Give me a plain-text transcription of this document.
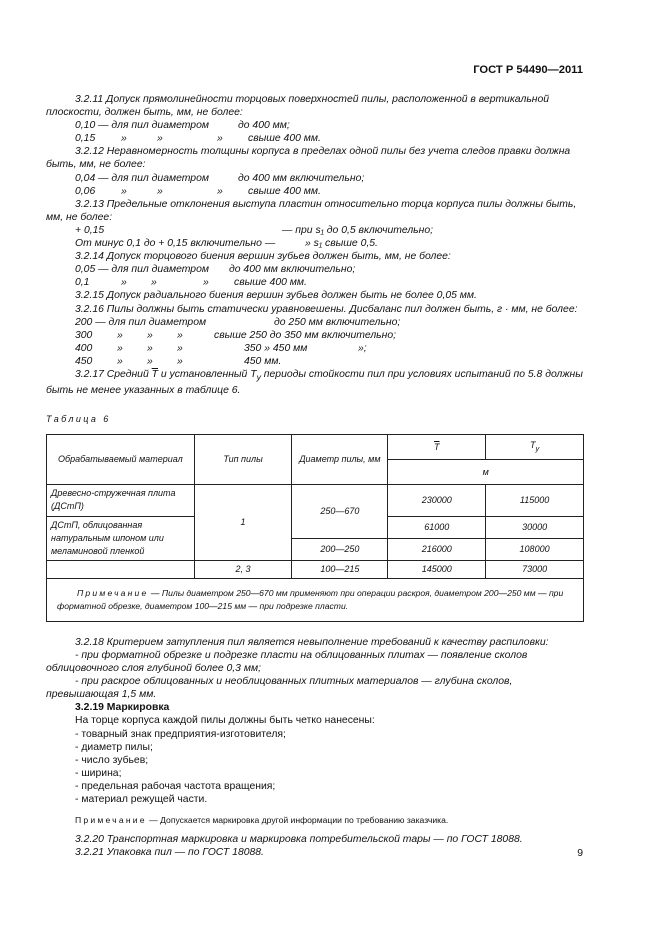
ГОСТ Р 54490—2011

3.2.11 Допуск прямолинейности торцовых поверхностей пилы, расположенной в вертикальной плоскости, должен быть, мм, не более:

0,10 — для пил диаметром	до 400 мм;
0,15	»	»	»	свыше 400 мм.

3.2.12 Неравномерность толщины корпуса в пределах одной пилы без учета следов правки должна быть, мм, не более:

0,04 — для пил диаметром	до 400 мм включительно;
0,06	»	»	»	свыше 400 мм.

3.2.13 Предельные отклонения выступа пластин относительно торца корпуса пилы должны быть, мм, не более:

+ 0,15	— при s₁ до 0,5 включительно;
От минус 0,1 до + 0,15 включительно —	» s₁ свыше 0,5.

3.2.14 Допуск торцового биения вершин зубьев должен быть, мм, не более:

0,05 — для пил диаметром	до 400 мм включительно;
0,1	»	»	»	свыше 400 мм.

3.2.15 Допуск радиального биения вершин зубьев должен быть не более 0,05 мм.

3.2.16 Пилы должны быть статически уравновешены. Дисбаланс пил должен быть, г · мм, не более:

200 — для пил диаметром	до 250 мм включительно;
300	»	»	»	свыше 250 до 350 мм включительно;
400	»	»	»	350 » 450 мм	»;
450	»	»	»	450 мм.

3.2.17 Средний $\overline{T}$ и установленный $T_у$ периоды стойкости пил при условиях испытаний по 5.8 должны быть не менее указанных в таблице 6.

Таблица 6
Обрабатываемый материал	Тип пилы	Диаметр пилы, мм	$\overline{T}$	$T_у$
			м	
Древесно-стружечная плита (ДСтП)	1	250—670	230000	115000
ДСтП, облицованная натуральным шпоном или меламиновой пленкой			61000	30000
		200—250	216000	108000
	2, 3	100—215	145000	73000
Примечание — Пилы диаметром 250—670 мм применяют при операции раскроя, диаметром 200—250 мм — при форматной обрезке, диаметром 100—215 мм — при подрезке пласти.				

3.2.18 Критерием затупления пил является невыполнение требований к качеству распиловки:

- при форматной обрезке и подрезке пласти на облицованных плитах — появление сколов облицовочного слоя глубиной более 0,3 мм;

- при раскрое облицованных и необлицованных плитных материалов — глубина сколов, превышающая 1,5 мм.

3.2.19 Маркировка

На торце корпуса каждой пилы должны быть четко нанесены:

- товарный знак предприятия-изготовителя;
- диаметр пилы;
- число зубьев;
- ширина;
- предельная рабочая частота вращения;
- материал режущей части.
Примечание — Допускается маркировка другой информации по требованию заказчика.

3.2.20 Транспортная маркировка и маркировка потребительской тары — по ГОСТ 18088.

3.2.21 Упаковка пил — по ГОСТ 18088.	9
